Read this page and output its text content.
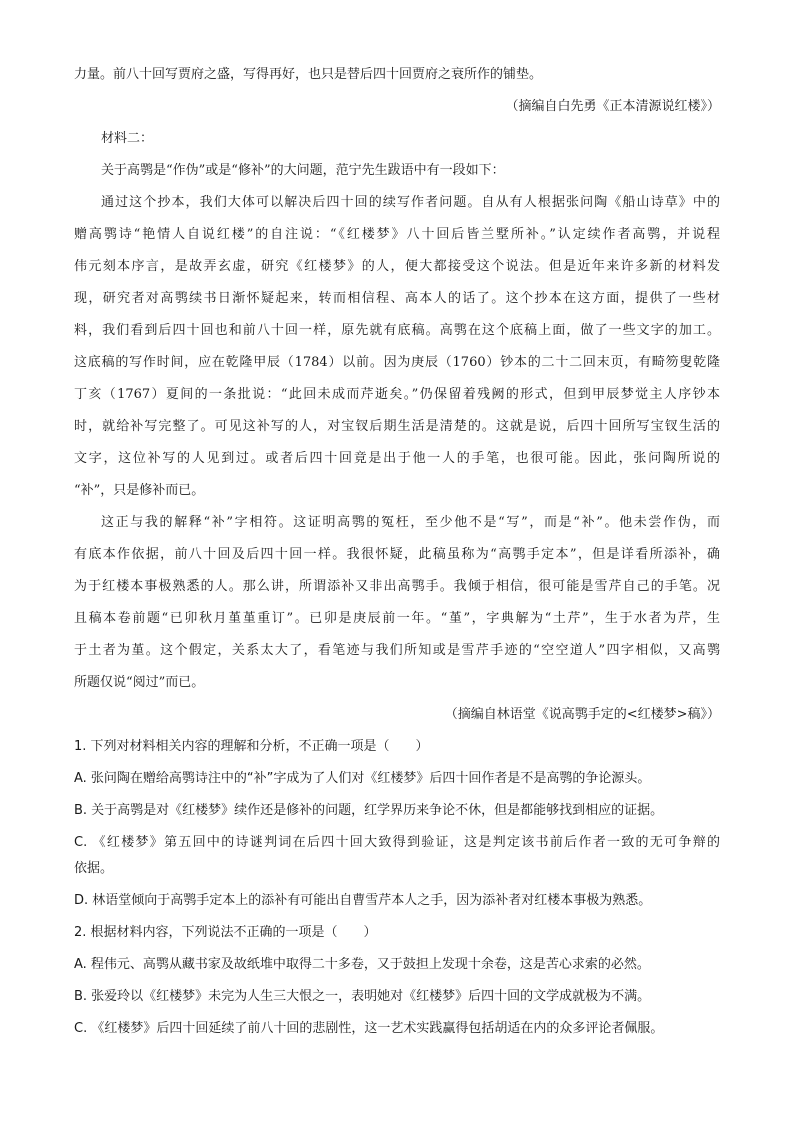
力量。前八十回写贾府之盛，写得再好，也只是替后四十回贾府之衰所作的铺垫。
（摘编自白先勇《正本清源说红楼》）
材料二：
关于高鹗是“作伪”或是“修补”的大问题，范宁先生跋语中有一段如下：
通过这个抄本，我们大体可以解决后四十回的续写作者问题。自从有人根据张问陶《船山诗草》中的
赠高鹗诗“艳情人自说红楼”的自注说：“《红楼梦》八十回后皆兰墅所补。”认定续作者高鹗，并说程
伟元刻本序言，是故弄玄虚，研究《红楼梦》的人，便大都接受这个说法。但是近年来许多新的材料发
现，研究者对高鹗续书日渐怀疑起来，转而相信程、高本人的话了。这个抄本在这方面，提供了一些材
料，我们看到后四十回也和前八十回一样，原先就有底稿。高鹗在这个底稿上面，做了一些文字的加工。
这底稿的写作时间，应在乾隆甲辰（1784）以前。因为庚辰（1760）钞本的二十二回末页，有畸笏叟乾隆
丁亥（1767）夏间的一条批说：“此回未成而芹逝矣。”仍保留着残阙的形式，但到甲辰梦觉主人序钞本
时，就给补写完整了。可见这补写的人，对宝钗后期生活是清楚的。这就是说，后四十回所写宝钗生活的
文字，这位补写的人见到过。或者后四十回竟是出于他一人的手笔，也很可能。因此，张问陶所说的
“补”，只是修补而已。
这正与我的解释“补”字相符。这证明高鹗的冤枉，至少他不是“写”，而是“补”。他未尝作伪，而
有底本作依据，前八十回及后四十回一样。我很怀疑，此稿虽称为“高鹗手定本”，但是详看所添补，确
为于红楼本事极熟悉的人。那么讲，所谓添补又非出高鹗手。我倾于相信，很可能是雪芹自己的手笔。况
且稿本卷前题“已卯秋月堇堇重订”。已卯是庚辰前一年。“堇”，字典解为“土芹”，生于水者为芹，生
于土者为堇。这个假定，关系太大了，看笔迹与我们所知或是雪芹手迹的“空空道人”四字相似，又高鹗
所题仅说“阅过”而已。
（摘编自林语堂《说高鹗手定的<红楼梦>稿》）
1. 下列对材料相关内容的理解和分析，不正确一项是（　　）
A. 张问陶在赠给高鹗诗注中的“补”字成为了人们对《红楼梦》后四十回作者是不是高鹗的争论源头。
B. 关于高鹗是对《红楼梦》续作还是修补的问题，红学界历来争论不休，但是都能够找到相应的证据。
C. 《红楼梦》第五回中的诗谜判词在后四十回大致得到验证，这是判定该书前后作者一致的无可争辩的
依据。
D. 林语堂倾向于高鹗手定本上的添补有可能出自曹雪芹本人之手，因为添补者对红楼本事极为熟悉。
2. 根据材料内容，下列说法不正确的一项是（　　）
A. 程伟元、高鹗从藏书家及故纸堆中取得二十多卷，又于鼓担上发现十余卷，这是苦心求索的必然。
B. 张爱玲以《红楼梦》未完为人生三大恨之一，表明她对《红楼梦》后四十回的文学成就极为不满。
C. 《红楼梦》后四十回延续了前八十回的悲剧性，这一艺术实践赢得包括胡适在内的众多评论者佩服。
